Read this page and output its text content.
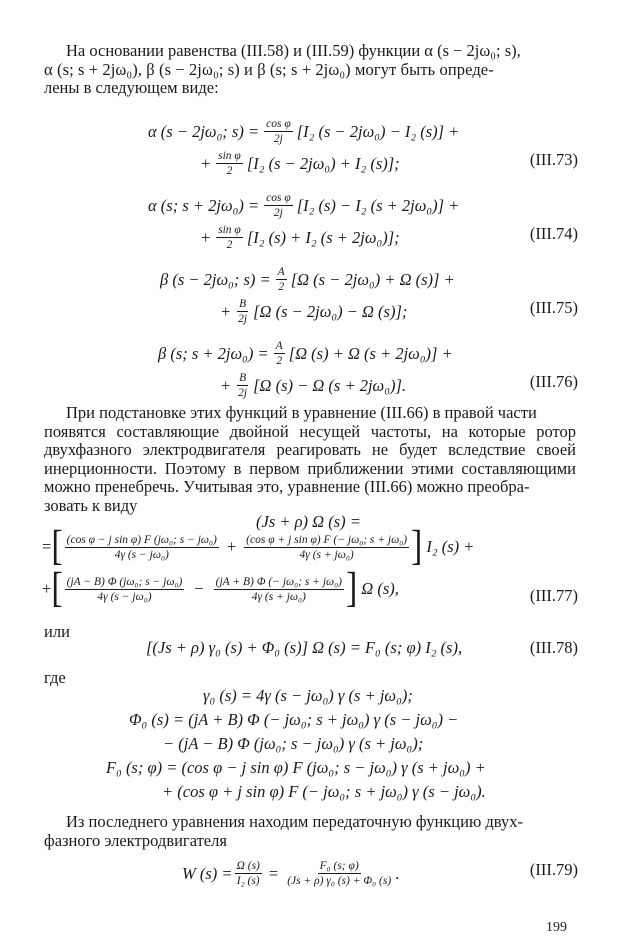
На основании равенства (III.58) и (III.59) функции α (s − 2jω₀; s),
α (s; s + 2jω₀), β (s − 2jω₀; s) и β (s; s + 2jω₀) могут быть опреде-
лены в следующем виде:
α (s − 2jω₀; $s) = \frac{\text{cos φ}}{2j} [I_2$ (s − 2jω₀) − I₂ (s)] +
+ $\frac{\text{sin φ}}{2} [I_2$ (s − 2jω₀) + I₂ (s)];	(III.73)
α (s; $s + 2j\omega_0) = \frac{\text{cos φ}}{2j} [I_2$ (s) − I₂ (s + 2jω₀)] +
+ $\frac{\text{sin φ}}{2} [I_2$ (s) + I₂ (s + 2jω₀)];	(III.74)
β (s − 2jω₀; $s) = \frac{A}{2} [\Omega$ (s − 2jω₀) + Ω (s)] +
+ $\frac{B}{2j} [\Omega$ (s − 2jω₀) − Ω (s)];	(III.75)
β (s; $s + 2j\omega_0) = \frac{A}{2} [\Omega$ (s) + Ω (s + 2jω₀)] +
+ $\frac{B}{2j} [\Omega$ (s) − Ω (s + 2jω₀)].	(III.76)
При подстановке этих функций в уравнение (III.66) в правой части
появятся составляющие двойной несущей частоты, на которые ротор двухфазного электродвигателя реагировать не будет вследствие своей инерционности. Поэтому в первом приближении этими составляющими можно пренебречь. Учитывая это, уравнение (III.66) можно преобра-
зовать к виду
(Js + ρ) Ω (s) =
= [ $\frac{\text{(cos φ − j sin φ) F (jω₀; s − jω₀)}}{\text{4γ (s − jω₀)}} + \frac{\text{(cos φ + j sin φ) F (− jω₀; s + jω₀)}}{\text{4γ (s + jω₀)}}$ ] I₂ (s) +
+ [ $\frac{\text{(jA − B) Φ (jω₀; s − jω₀)}}{\text{4γ (s − jω₀)}} - \frac{\text{(jA + B) Φ (− jω₀; s + jω₀)}}{\text{4γ (s + jω₀)}}$ ] Ω (s),	(III.77)
или
[(Js + ρ) γ₀ (s) + Φ₀ (s)] Ω (s) = F₀ (s; φ) I₂ (s),	(III.78)
где
γ₀ (s) = 4γ (s − jω₀) γ (s + jω₀);
Φ₀ (s) = (jA + B) Φ (− jω₀; s + jω₀) γ (s − jω₀) −
− (jA − B) Φ (jω₀; s − jω₀) γ (s + jω₀);
F₀ (s; φ) = (cos φ − j sin φ) F (jω₀; s − jω₀) γ (s + jω₀) +
+ (cos φ + j sin φ) F (− jω₀; s + jω₀) γ (s − jω₀).
Из последнего уравнения находим передаточную функцию двух-
фазного электродвигателя
W $(s) = \frac{\Omega (s)}{\text{I₂ (s)}} = \frac{\text{F₀ (s; φ)}}{\text{(Js + ρ) γ₀ (s) + Φ₀ (s)}}$ .	(III.79)
199
